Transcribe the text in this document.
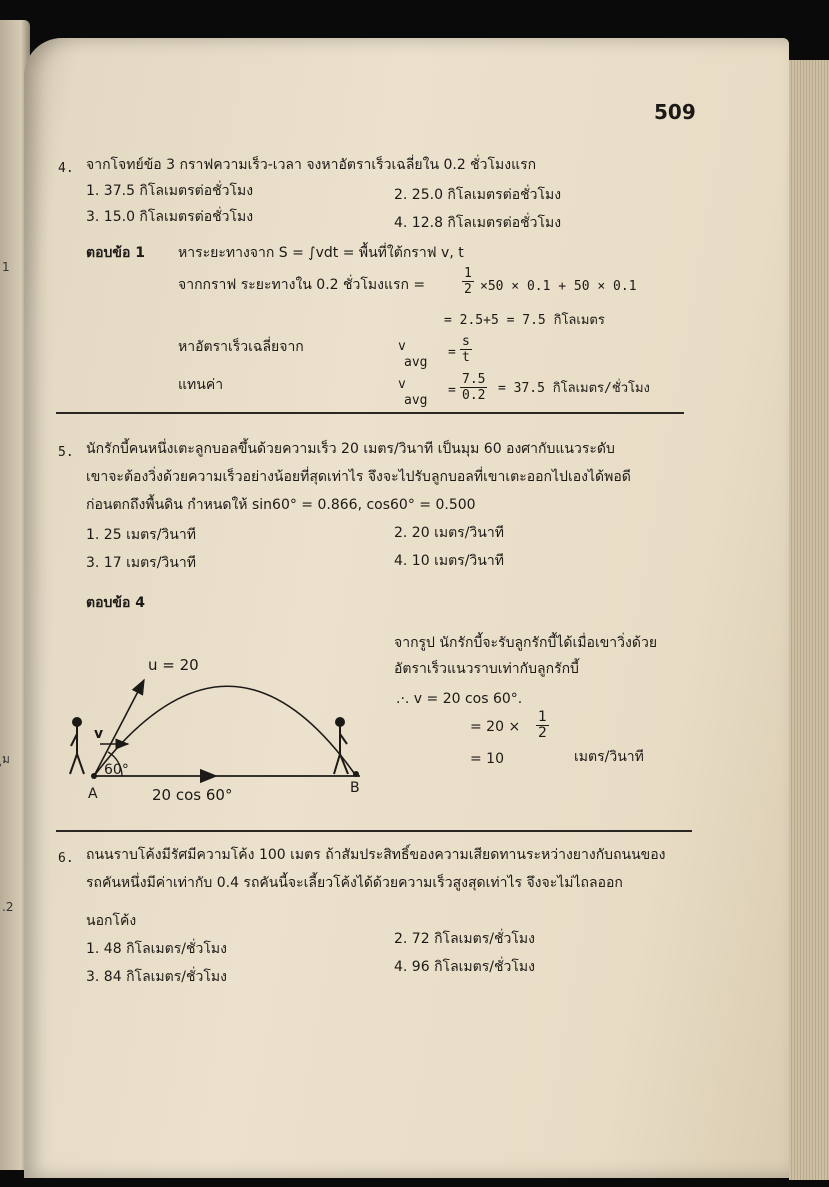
1
ุม
.2
509
4. จากโจทย์ข้อ 3 กราฟความเร็ว-เวลา จงหาอัตราเร็วเฉลี่ยใน 0.2 ชั่วโมงแรก
1. 37.5 กิโลเมตรต่อชั่วโมง	2. 25.0 กิโลเมตรต่อชั่วโมง
3. 15.0 กิโลเมตรต่อชั่วโมง	4. 12.8 กิโลเมตรต่อชั่วโมง
ตอบข้อ 1 หาระยะทางจาก S = ∫vdt = พื้นที่ใต้กราฟ v, t
จากกราฟ ระยะทางใน 0.2 ชั่วโมงแรก =	$\frac{1}{2} \times 50 \times 0.1 + 50 \times 0.1$
= 2.5+5 = 7.5 กิโลเมตร
หาอัตราเร็วเฉลี่ยจาก	v
avg
= $\frac{s}{t}$
แทนค่า	v
avg
= $\frac{7.5}{0.2} = 37.5$ กิโลเมตร/ชั่วโมง
5. นักรักบี้คนหนึ่งเตะลูกบอลขึ้นด้วยความเร็ว 20 เมตร/วินาที เป็นมุม 60 องศากับแนวระดับ
เขาจะต้องวิ่งด้วยความเร็วอย่างน้อยที่สุดเท่าไร จึงจะไปรับลูกบอลที่เขาเตะออกไปเองได้พอดี
ก่อนตกถึงพื้นดิน กำหนดให้ sin60° = 0.866, cos60° = 0.500
1. 25 เมตร/วินาที	2. 20 เมตร/วินาที
3. 17 เมตร/วินาที	4. 10 เมตร/วินาที
ตอบข้อ 4
u = 20
v
60°
A	B
20 cos 60°
จากรูป นักรักบี้จะรับลูกรักบี้ได้เมื่อเขาวิ่งด้วย
อัตราเร็วแนวราบเท่ากับลูกรักบี้
.·. v = 20 cos 60°.
= $20 \times \frac{1}{2}$
= 10	เมตร/วินาที
6. ถนนราบโค้งมีรัศมีความโค้ง 100 เมตร ถ้าสัมประสิทธิ์ของความเสียดทานระหว่างยางกับถนนของ
รถคันหนึ่งมีค่าเท่ากับ 0.4 รถคันนี้จะเลี้ยวโค้งได้ด้วยความเร็วสูงสุดเท่าไร จึงจะไม่ไถลออก
นอกโค้ง
1. 48 กิโลเมตร/ชั่วโมง
2. 72 กิโลเมตร/ชั่วโมง
3. 84 กิโลเมตร/ชั่วโมง
4. 96 กิโลเมตร/ชั่วโมง
